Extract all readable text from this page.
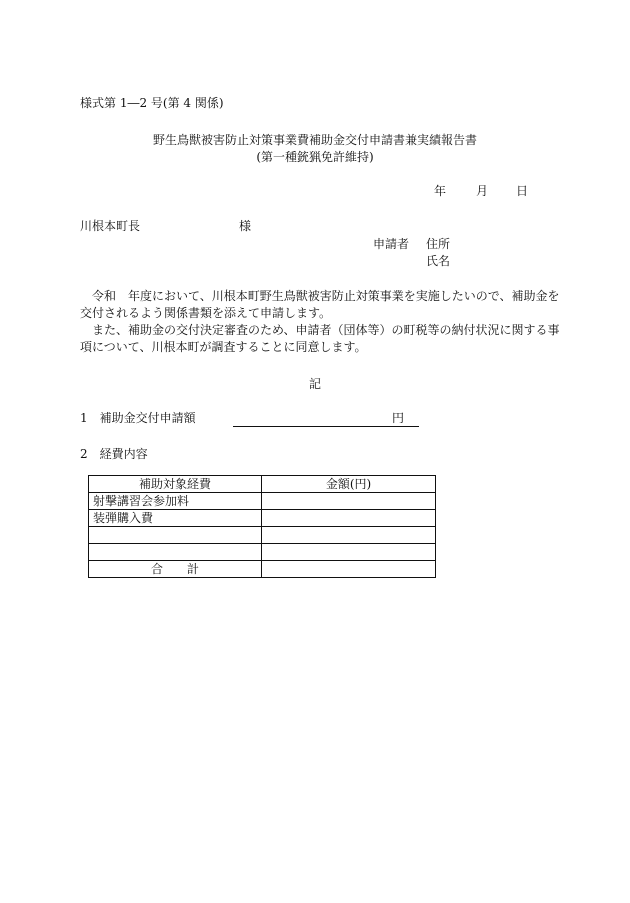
様式第 1―2 号(第 4 関係)
野生鳥獣被害防止対策事業費補助金交付申請書兼実績報告書
(第一種銃猟免許維持)
年 月 日
川根本町長	様
申請者 住所
氏名

　令和　年度において、川根本町野生鳥獣被害防止対策事業を実施したいので、補助金を交付されるよう関係書類を添えて申請します。

　また、補助金の交付決定審査のため、申請者（団体等）の町税等の納付状況に関する事項について、川根本町が調査することに同意します。

記
1　補助金交付申請額	円
2　経費内容
補助対象経費	金額(円)
射撃講習会参加料	
装弾購入費	

合　　計	
